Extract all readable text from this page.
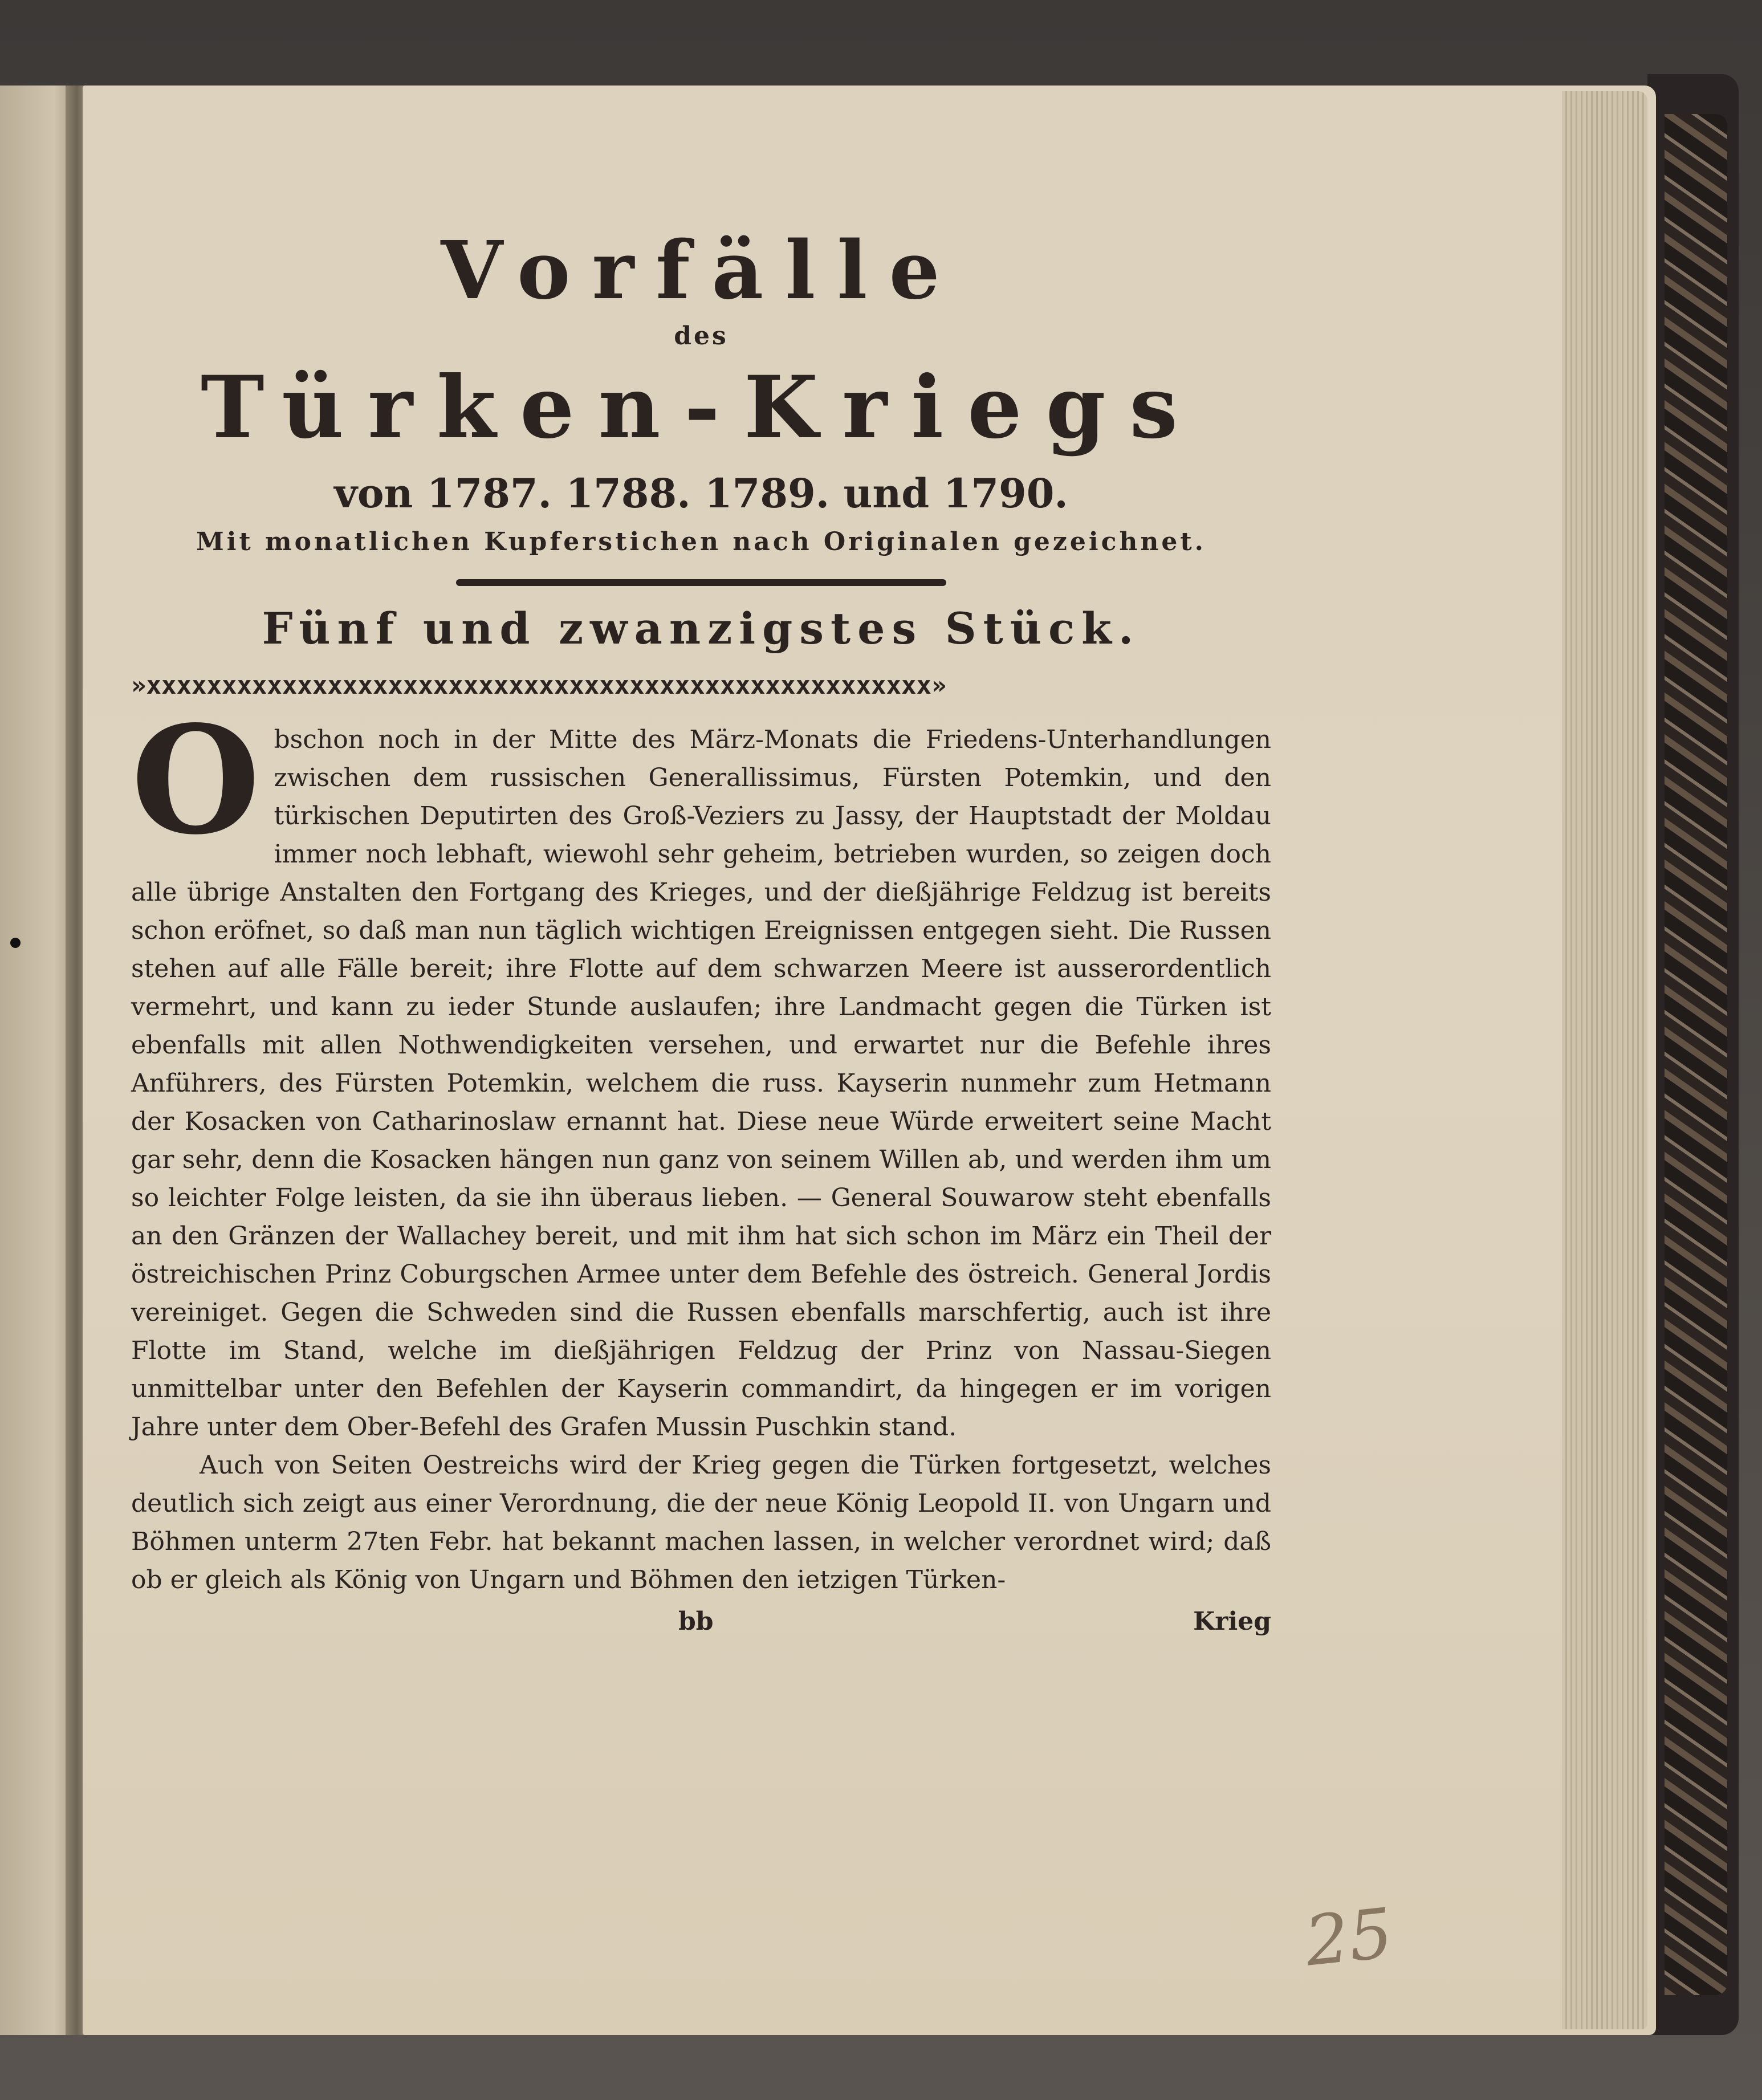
Vorfälle
des
Türken-Kriegs
von 1787. 1788. 1789. und 1790.
Mit monatlichen Kupferstichen nach Originalen gezeichnet.
Fünf und zwanzigstes Stück.
»xxxxxxxxxxxxxxxxxxxxxxxxxxxxxxxxxxxxxxxxxxxxxxxxxxxx»

Obschon noch in der Mitte des März-Monats die Friedens-Unterhandlungen zwischen dem russischen Generallissimus, Fürsten Potemkin, und den türkischen Deputirten des Groß-Veziers zu Jassy, der Hauptstadt der Moldau immer noch lebhaft, wiewohl sehr geheim, betrieben wurden, so zeigen doch alle übrige Anstalten den Fortgang des Krieges, und der dießjährige Feldzug ist bereits schon eröfnet, so daß man nun täglich wichtigen Ereignissen entgegen sieht. Die Russen stehen auf alle Fälle bereit; ihre Flotte auf dem schwarzen Meere ist ausserordentlich vermehrt, und kann zu ieder Stunde auslaufen; ihre Landmacht gegen die Türken ist ebenfalls mit allen Nothwendigkeiten versehen, und erwartet nur die Befehle ihres Anführers, des Fürsten Potemkin, welchem die russ. Kayserin nunmehr zum Hetmann der Kosacken von Catharinoslaw ernannt hat. Diese neue Würde erweitert seine Macht gar sehr, denn die Kosacken hängen nun ganz von seinem Willen ab, und werden ihm um so leichter Folge leisten, da sie ihn überaus lieben. — General Souwarow steht ebenfalls an den Gränzen der Wallachey bereit, und mit ihm hat sich schon im März ein Theil der östreichischen Prinz Coburgschen Armee unter dem Befehle des östreich. General Jordis vereiniget. Gegen die Schweden sind die Russen ebenfalls marschfertig, auch ist ihre Flotte im Stand, welche im dießjährigen Feldzug der Prinz von Nassau-Siegen unmittelbar unter den Befehlen der Kayserin commandirt, da hingegen er im vorigen Jahre unter dem Ober-Befehl des Grafen Mussin Puschkin stand.

Auch von Seiten Oestreichs wird der Krieg gegen die Türken fortgesetzt, welches deutlich sich zeigt aus einer Verordnung, die der neue König Leopold II. von Ungarn und Böhmen unterm 27ten Febr. hat bekannt machen lassen, in welcher verordnet wird; daß ob er gleich als König von Ungarn und Böhmen den ietzigen Türken-

bb	Krieg
25
